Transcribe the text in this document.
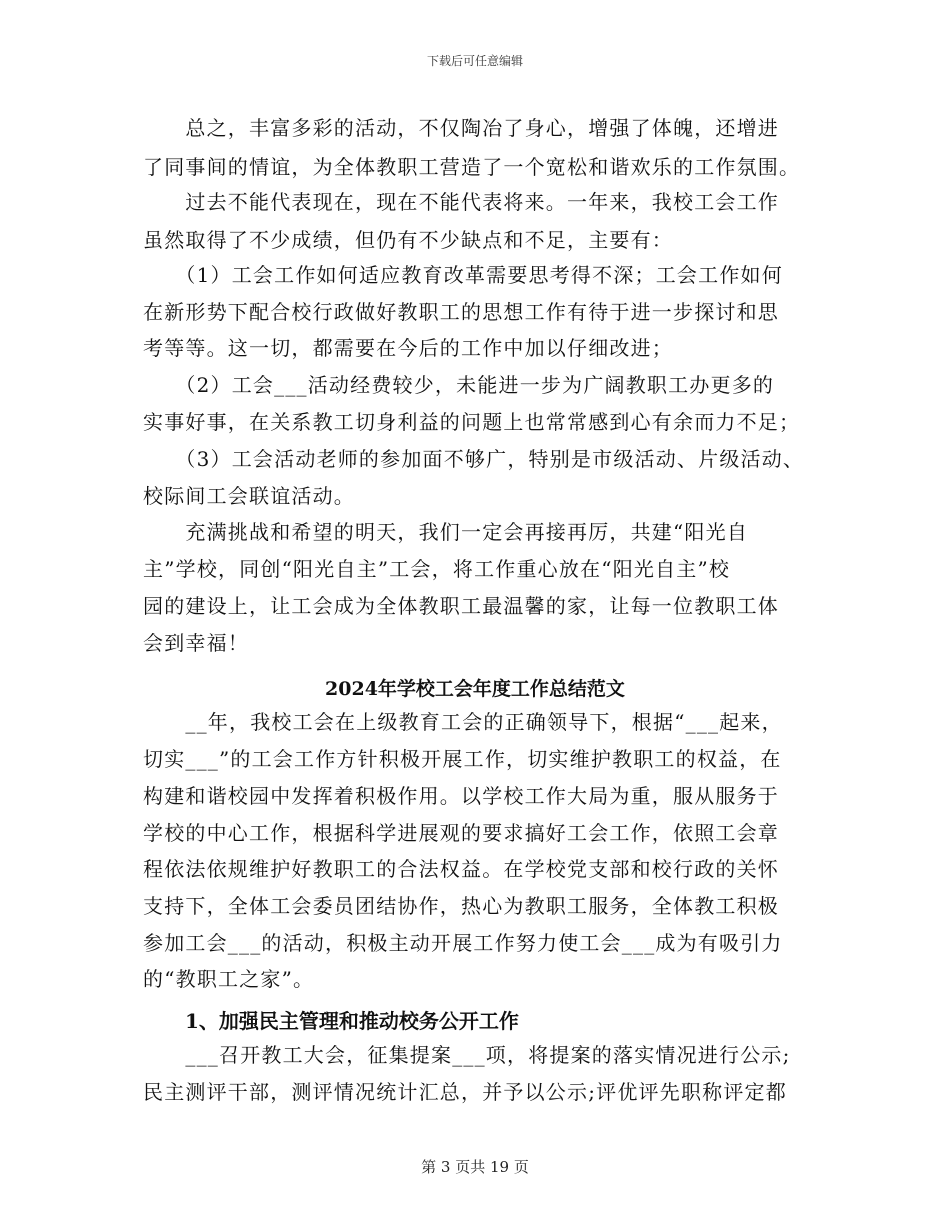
下载后可任意编辑
　　总之，丰富多彩的活动，不仅陶冶了身心，增强了体魄，还增进
了同事间的情谊，为全体教职工营造了一个宽松和谐欢乐的工作氛围。
　　过去不能代表现在，现在不能代表将来。一年来，我校工会工作
虽然取得了不少成绩，但仍有不少缺点和不足，主要有：
　　（1）工会工作如何适应教育改革需要思考得不深；工会工作如何
在新形势下配合校行政做好教职工的思想工作有待于进一步探讨和思
考等等。这一切，都需要在今后的工作中加以仔细改进；
　　（2）工会___活动经费较少，未能进一步为广阔教职工办更多的
实事好事，在关系教工切身利益的问题上也常常感到心有余而力不足；
　　（3）工会活动老师的参加面不够广，特别是市级活动、片级活动、
校际间工会联谊活动。
　　充满挑战和希望的明天，我们一定会再接再厉，共建“阳光自
主”学校，同创“阳光自主”工会，将工作重心放在“阳光自主”校
园的建设上，让工会成为全体教职工最温馨的家，让每一位教职工体
会到幸福！
2024年学校工会年度工作总结范文
　　__年，我校工会在上级教育工会的正确领导下，根据“___起来，
切实___”的工会工作方针积极开展工作，切实维护教职工的权益，在
构建和谐校园中发挥着积极作用。以学校工作大局为重，服从服务于
学校的中心工作，根据科学进展观的要求搞好工会工作，依照工会章
程依法依规维护好教职工的合法权益。在学校党支部和校行政的关怀
支持下，全体工会委员团结协作，热心为教职工服务，全体教工积极
参加工会___的活动，积极主动开展工作努力使工会___成为有吸引力
的“教职工之家”。
1、加强民主管理和推动校务公开工作
　　___召开教工大会，征集提案___项，将提案的落实情况进行公示;
民主测评干部，测评情况统计汇总，并予以公示;评优评先职称评定都
第 3 页共 19 页
